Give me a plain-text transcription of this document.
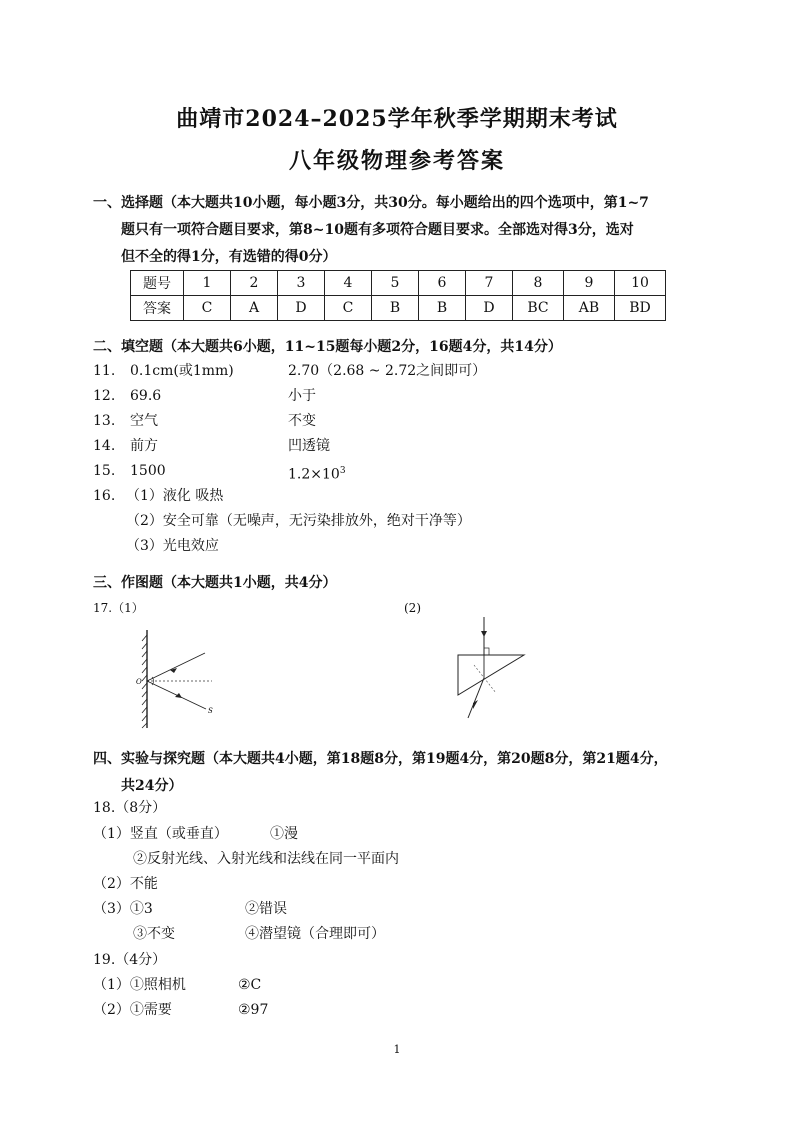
曲靖市2024–2025学年秋季学期期末考试
八年级物理参考答案
一、选择题（本大题共10小题，每小题3分，共30分。每小题给出的四个选项中，第1~7
题只有一项符合题目要求，第8~10题有多项符合题目要求。全部选对得3分，选对
但不全的得1分，有选错的得0分）
题号	1	2	3	4	5	6	7	8	9	10
答案	C	A	D	C	B	B	D	BC	AB	BD
二、填空题（本大题共6小题，11~15题每小题2分，16题4分，共14分）
11. 0.1cm(或1mm)	2.70（2.68 ~ 2.72之间即可）
12. 69.6	小于
13. 空气	不变
14. 前方	凹透镜
15. 1500	$1.2\times 10^3$
16. （1）液化 吸热
（2）安全可靠（无噪声，无污染排放外，绝对干净等）
（3）光电效应
三、作图题（本大题共1小题，共4分）
17.（1）	(2)
O
S
四、实验与探究题（本大题共4小题，第18题8分，第19题4分，第20题8分，第21题4分，
共24分）
18.（8分）
（1）竖直（或垂直）	①漫
②反射光线、入射光线和法线在同一平面内
（2）不能
（3）①3	②错误
③不变	④潜望镜（合理即可）
19.（4分）
（1）①照相机	②C
（2）①需要	②97
1
